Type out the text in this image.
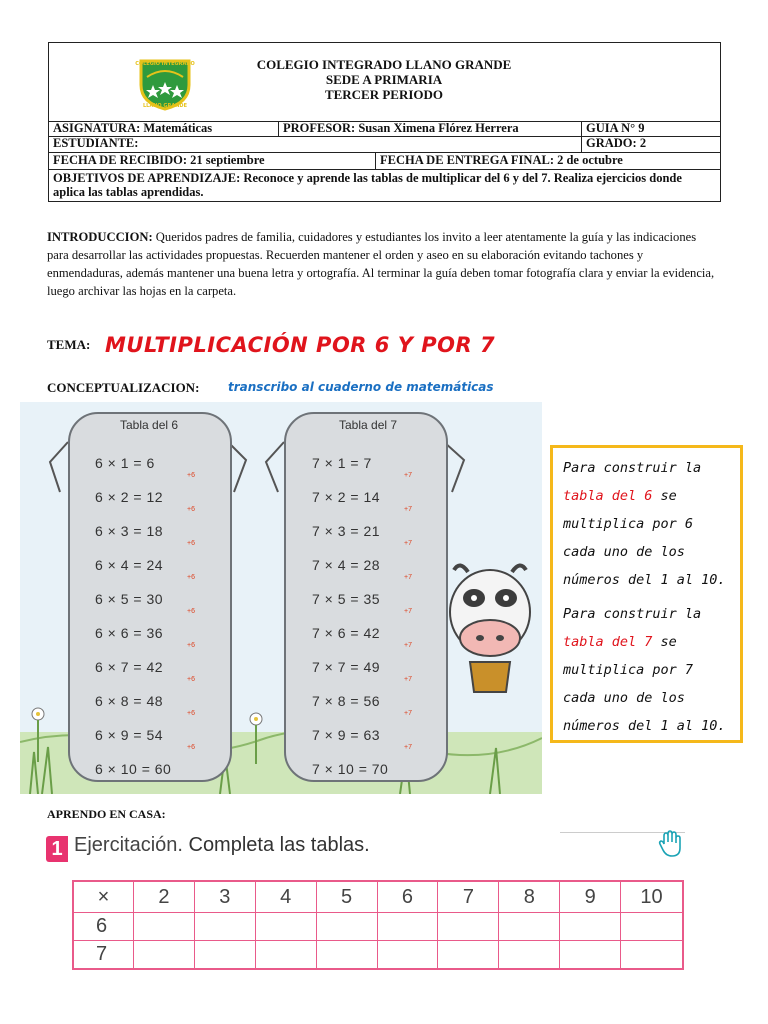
COLEGIO INTEGRADO
LLANO GRANDE
COLEGIO INTEGRADO LLANO GRANDE
SEDE A PRIMARIA
TERCER PERIODO
ASIGNATURA: Matemáticas	PROFESOR: Susan Ximena Flórez Herrera	GUIA N° 9
ESTUDIANTE:	GRADO: 2
FECHA DE RECIBIDO: 21 septiembre	FECHA DE ENTREGA FINAL: 2 de octubre
OBJETIVOS DE APRENDIZAJE: Reconoce y aprende las tablas de multiplicar del 6 y del 7. Realiza ejercicios donde aplica las tablas aprendidas.
INTRODUCCION: Queridos padres de familia, cuidadores y estudiantes los invito a leer atentamente la guía y las indicaciones para desarrollar las actividades propuestas. Recuerden mantener el orden y aseo en su elaboración evitando tachones y enmendaduras, además mantener una buena letra y ortografía. Al terminar la guía deben tomar fotografía clara y enviar la evidencia, luego archivar las hojas en la carpeta.
TEMA: MULTIPLICACIÓN POR 6 Y POR 7
CONCEPTUALIZACION: transcribo al cuaderno de matemáticas
Tabla del 6	Tabla del 7
6 × 1 = 6
+6
6 × 2 = 12
+6
6 × 3 = 18
+6
6 × 4 = 24
+6
6 × 5 = 30
+6
6 × 6 = 36
+6
6 × 7 = 42
+6
6 × 8 = 48
+6
6 × 9 = 54
+6
6 × 10 = 60
7 × 1 = 7
+7
7 × 2 = 14
+7
7 × 3 = 21
+7
7 × 4 = 28
+7
7 × 5 = 35
+7
7 × 6 = 42
+7
7 × 7 = 49
+7
7 × 8 = 56
+7
7 × 9 = 63
+7
7 × 10 = 70
Para construir la
tabla del 6 se multiplica por 6 cada uno de los números del 1 al 10.
Para construir la
tabla del 7 se multiplica por 7 cada uno de los números del 1 al 10.
APRENDO EN CASA:
1 Ejercitación. Completa las tablas.
×	2	3	4	5	6	7	8	9	10
6
7
